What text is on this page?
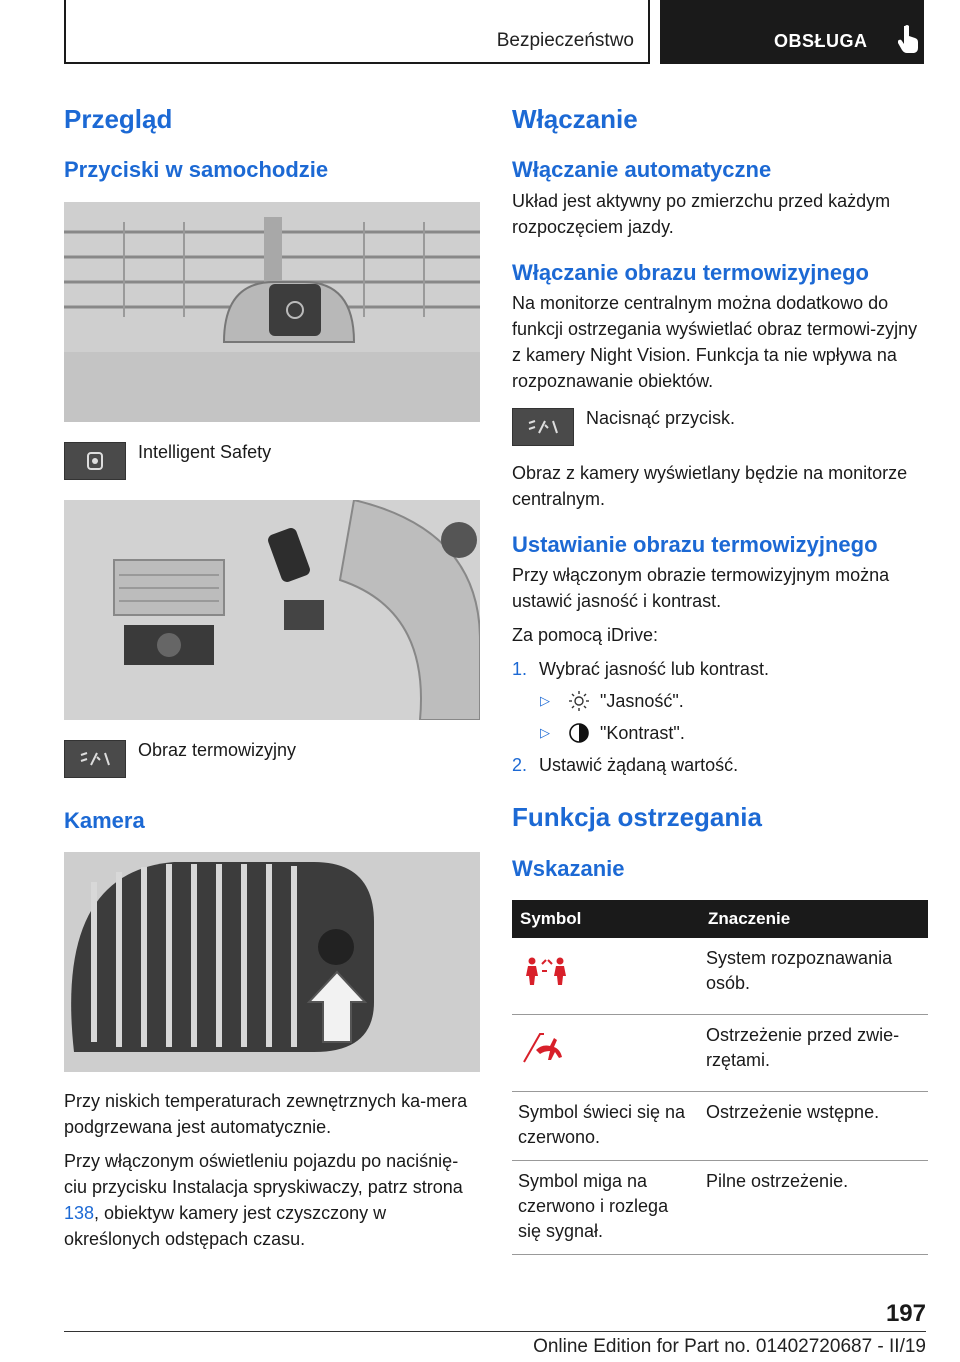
Bezpieczeństwo	OBSŁUGA
Przegląd
Przyciski w samochodzie

Intelligent Safety

Obraz termowizyjny

Kamera

Przy niskich temperaturach zewnętrznych ka-mera podgrzewana jest automatycznie.

Przy włączonym oświetleniu pojazdu po naciśnię-ciu przycisku Instalacja spryskiwaczy, patrz strona 138, obiektyw kamery jest czyszczony w określonych odstępach czasu.

Włączanie
Włączanie automatyczne

Układ jest aktywny po zmierzchu przed każdym rozpoczęciem jazdy.

Włączanie obrazu termowizyjnego

Na monitorze centralnym można dodatkowo do funkcji ostrzegania wyświetlać obraz termowi-zyjny z kamery Night Vision. Funkcja ta nie wpływa na rozpoznawanie obiektów.

Nacisnąć przycisk.

Obraz z kamery wyświetlany będzie na monitorze centralnym.

Ustawianie obrazu termowizyjnego

Przy włączonym obrazie termowizyjnym można ustawić jasność i kontrast.

Za pomocą iDrive:

1. Wybrać jasność lub kontrast.

▷	"Jasność".

▷	"Kontrast".

2. Ustawić żądaną wartość.

Funkcja ostrzegania
Wskazanie
Symbol	Znaczenie
	System rozpoznawania osób.
	Ostrzeżenie przed zwie-rzętami.
Symbol świeci się na czerwono.	Ostrzeżenie wstępne.
Symbol miga na czerwono i rozlega się sygnał.	Pilne ostrzeżenie.
197
Online Edition for Part no. 01402720687 - II/19
